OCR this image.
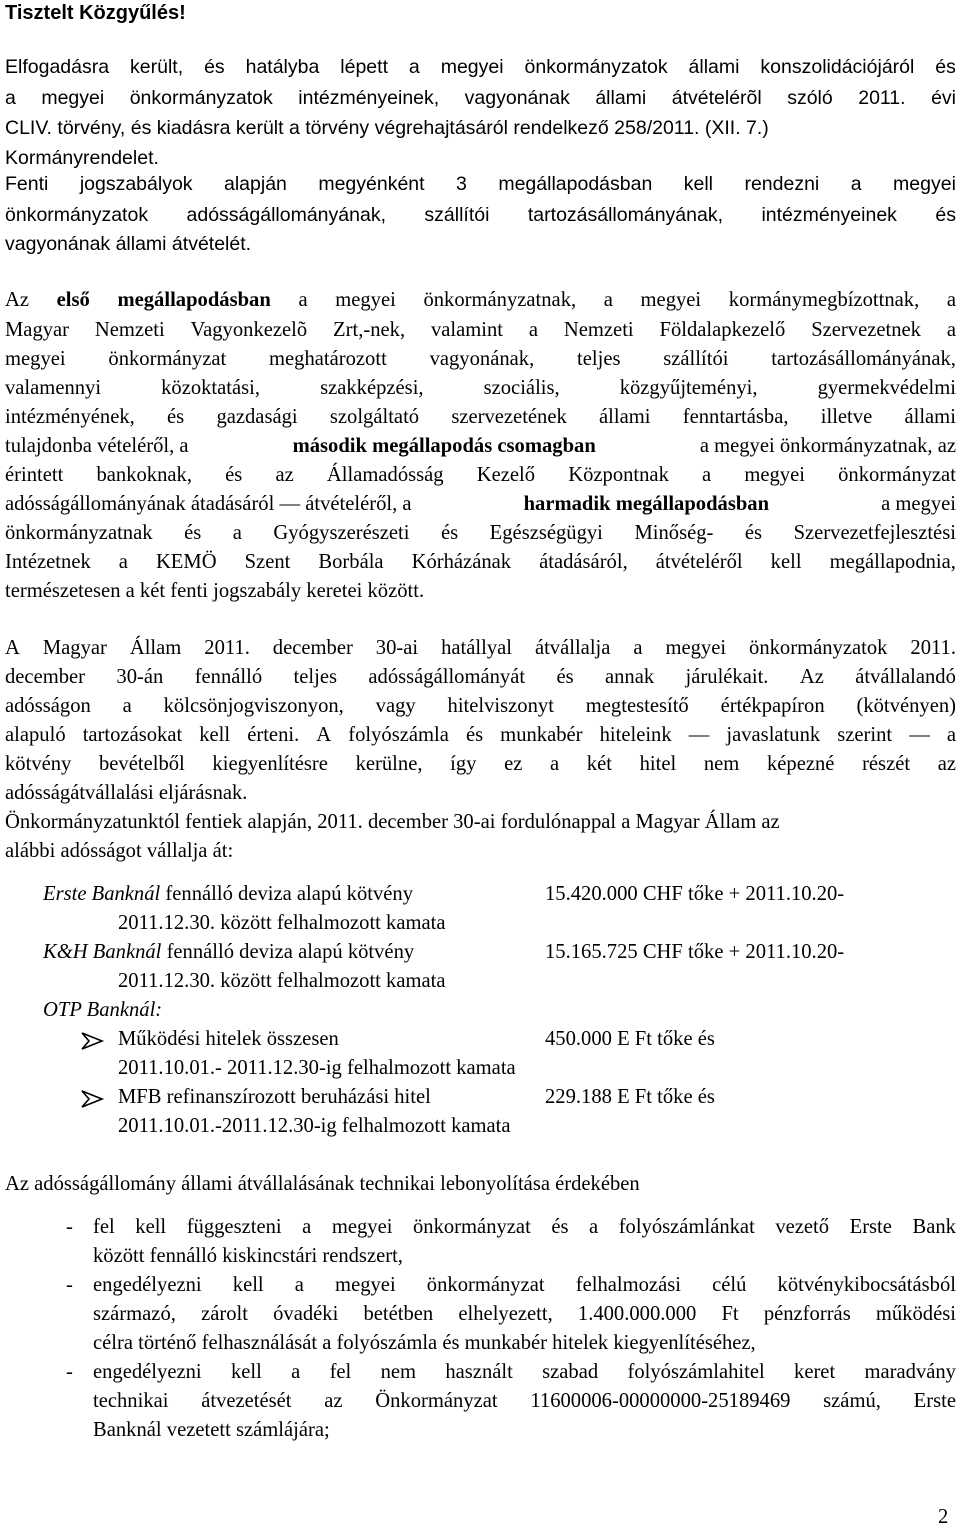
Tisztelt Közgyűlés!
Elfogadásra került, és hatályba lépett a megyei önkormányzatok állami konszolidációjáról és
a megyei önkormányzatok intézményeinek, vagyonának állami átvételérõl szóló 2011. évi
CLIV. törvény, és kiadásra került a törvény végrehajtásáról rendelkező 258/2011. (XII. 7.)
Kormányrendelet.
Fenti jogszabályok alapján megyénként 3 megállapodásban kell rendezni a megyei
önkormányzatok adósságállományának, szállítói tartozásállományának, intézményeinek és
vagyonának állami átvételét.
Az első megállapodásban a megyei önkormányzatnak, a megyei kormánymegbízottnak, a
Magyar Nemzeti Vagyonkezelõ Zrt,-nek, valamint a Nemzeti Földalapkezelő Szervezetnek a
megyei önkormányzat meghatározott vagyonának, teljes szállítói tartozásállományának,
valamennyi	közoktatási,	szakképzési,	szociális,	közgyűjteményi,	gyermekvédelmi
intézményének, és gazdasági szolgáltató szervezetének állami fenntartásba, illetve állami
tulajdonba vételéről, a	második megállapodás csomagban	a megyei önkormányzatnak, az
érintett bankoknak, és az Államadósság Kezelő Központnak a megyei önkormányzat
adósságállományának átadásáról — átvételéről, a	harmadik megállapodásban	a megyei
önkormányzatnak és a Gyógyszerészeti és Egészségügyi Minőség- és Szervezetfejlesztési
Intézetnek a KEMÖ Szent Borbála Kórházának átadásáról, átvételéről kell megállapodnia,
természetesen a két fenti jogszabály keretei között.
A Magyar Állam 2011. december 30-ai hatállyal átvállalja a megyei önkormányzatok 2011.
december 30-án fennálló teljes adósságállományát és annak járulékait. Az átvállalandó
adósságon a kölcsönjogviszonyon, vagy hitelviszonyt megtestesítő értékpapíron (kötvényen)
alapuló tartozásokat kell érteni. A folyószámla és munkabér hiteleink — javaslatunk szerint — a
kötvény bevételből kiegyenlítésre kerülne, így ez a két hitel nem képezné részét az
adósságátvállalási eljárásnak.
Önkormányzatunktól fentiek alapján, 2011. december 30-ai fordulónappal a Magyar Állam az
alábbi adósságot vállalja át:
Erste Banknál fennálló deviza alapú kötvény	15.420.000 CHF tőke + 2011.10.20-
2011.12.30. között felhalmozott kamata
K&H Banknál fennálló deviza alapú kötvény	15.165.725 CHF tőke + 2011.10.20-
2011.12.30. között felhalmozott kamata
OTP Banknál:
Működési hitelek összesen	450.000 E Ft tőke és
2011.10.01.- 2011.12.30-ig felhalmozott kamata
MFB refinanszírozott beruházási hitel	229.188 E Ft tőke és
2011.10.01.-2011.12.30-ig felhalmozott kamata
Az adósságállomány állami átvállalásának technikai lebonyolítása érdekében
- fel kell függeszteni a megyei önkormányzat és a folyószámlánkat vezető Erste Bank
között fennálló kiskincstári rendszert,
- engedélyezni kell a megyei önkormányzat felhalmozási célú kötvénykibocsátásból
származó, zárolt óvadéki betétben elhelyezett, 1.400.000.000 Ft pénzforrás működési
célra történő felhasználását a folyószámla és munkabér hitelek kiegyenlítéséhez,
- engedélyezni kell a fel nem használt szabad folyószámlahitel keret maradvány
technikai átvezetését az Önkormányzat 11600006-00000000-25189469 számú, Erste
Banknál vezetett számlájára;
2
